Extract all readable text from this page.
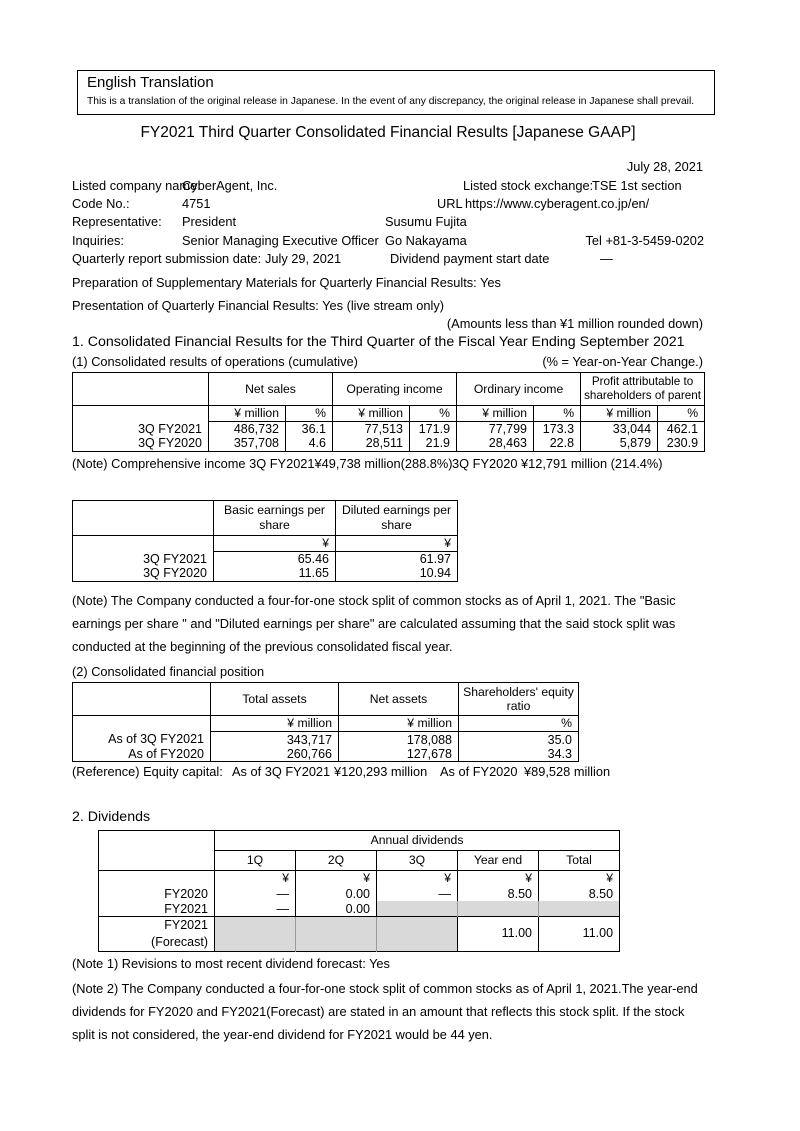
English Translation
This is a translation of the original release in Japanese. In the event of any discrepancy, the original release in Japanese shall prevail.
FY2021 Third Quarter Consolidated Financial Results [Japanese GAAP]
July 28, 2021
Listed company name:
CyberAgent, Inc.	Listed stock exchange:
TSE 1st section
Code No.:	4751	URL https://www.cyberagent.co.jp/en/
Representative: President	Susumu Fujita
Inquiries:	Senior Managing Executive Officer Go Nakayama	Tel +81-3-5459-0202
Quarterly report submission date: July 29, 2021	Dividend payment start date	—
Preparation of Supplementary Materials for Quarterly Financial Results: Yes
Presentation of Quarterly Financial Results: Yes (live stream only)
(Amounts less than ¥1 million rounded down)
1. Consolidated Financial Results for the Third Quarter of the Fiscal Year Ending September 2021
(1) Consolidated results of operations (cumulative)	(% = Year-on-Year Change.)
	Net sales		Operating income		Ordinary income		Profit attributable to shareholders of parent	
	¥ million	%	¥ million	%	¥ million	%	¥ million	%
3Q FY2021	486,732	36.1	77,513	171.9	77,799	173.3	33,044	462.1
3Q FY2020	357,708	4.6	28,511	21.9	28,463	22.8	5,879	230.9
(Note) Comprehensive income 3Q FY2021¥49,738 million(288.8%) 3Q FY2020 ¥12,791 million (214.4%)
	Basic earnings per share	Diluted earnings per share
	¥	¥
3Q FY2021	65.46	61.97
3Q FY2020	11.65	10.94
(Note) The Company conducted a four-for-one stock split of common stocks as of April 1, 2021. The "Basic earnings per share " and "Diluted earnings per share" are calculated assuming that the said stock split was conducted at the beginning of the previous consolidated fiscal year.
(2) Consolidated financial position
	Total assets	Net assets	Shareholders' equity ratio
	¥ million	¥ million	%
As of 3Q FY2021	343,717	178,088	35.0
As of FY2020	260,766	127,678	34.3
(Reference) Equity capital: As of 3Q FY2021 ¥120,293 million As of FY2020 ¥89,528 million
2. Dividends
	Annual dividends				
	1Q	2Q	3Q	Year end	Total
	¥	¥	¥	¥	¥
FY2020	—	0.00	—	8.50	8.50
FY2021	—	0.00			
FY2021 (Forecast)				11.00	11.00
(Note 1) Revisions to most recent dividend forecast: Yes
(Note 2) The Company conducted a four-for-one stock split of common stocks as of April 1, 2021.The year-end dividends for FY2020 and FY2021(Forecast) are stated in an amount that reflects this stock split. If the stock split is not considered, the year-end dividend for FY2021 would be 44 yen.
